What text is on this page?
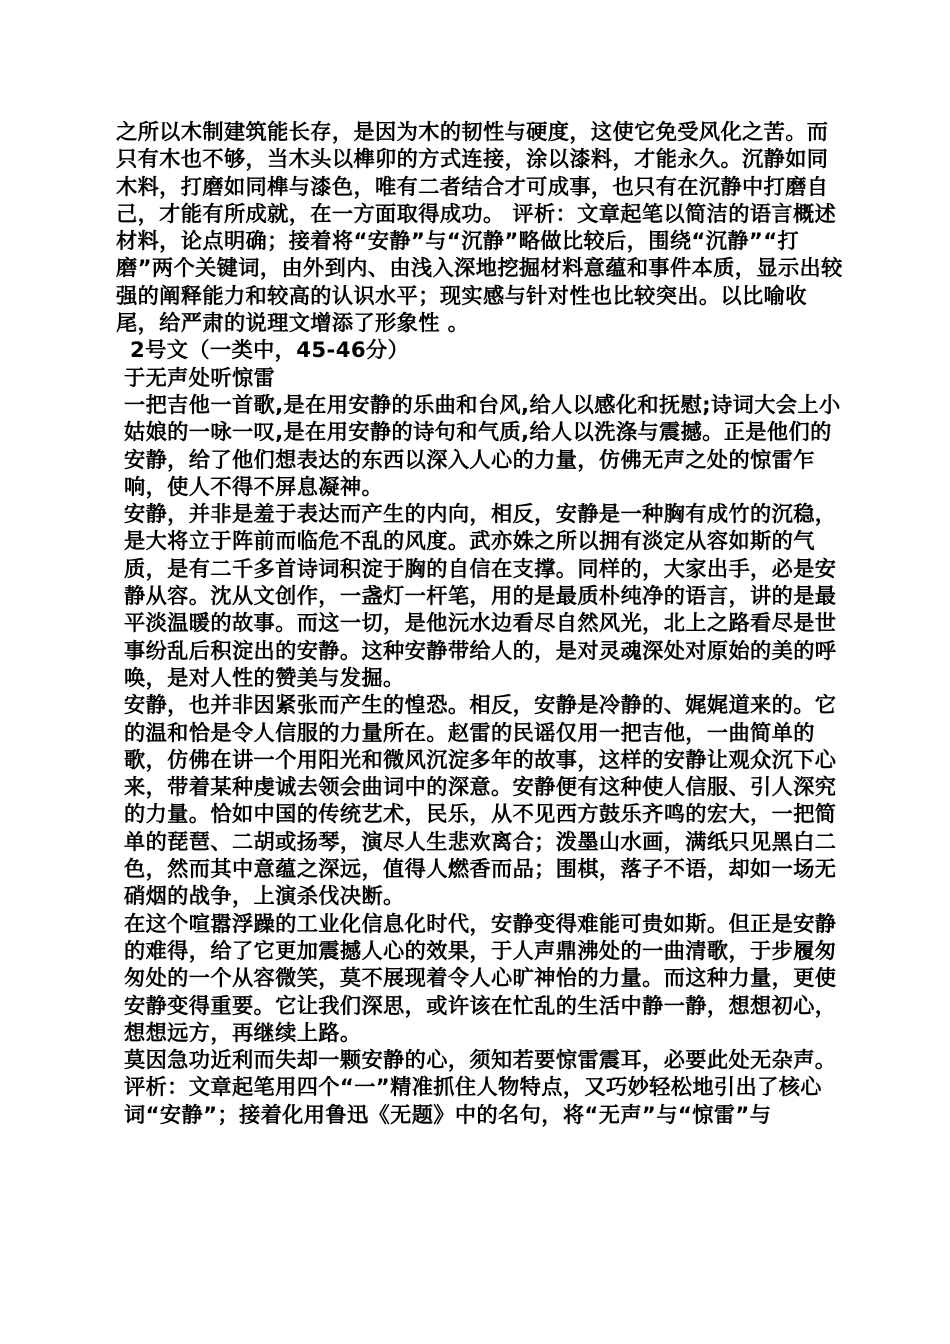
之所以木制建筑能长存，是因为木的韧性与硬度，这使它免受风化之苦。而只有木也不够，当木头以榫卯的方式连接，涂以漆料，才能永久。沉静如同木料，打磨如同榫与漆色，唯有二者结合才可成事，也只有在沉静中打磨自己，才能有所成就，在一方面取得成功。 评析：文章起笔以简洁的语言概述材料，论点明确；接着将“安静”与“沉静”略做比较后，围绕“沉静”“打磨”两个关键词，由外到内、由浅入深地挖掘材料意蕴和事件本质，显示出较强的阐释能力和较高的认识水平；现实感与针对性也比较突出。以比喻收尾，给严肃的说理文增添了形象性 。

2号文（一类中，45-46分）

于无声处听惊雷

一把吉他一首歌,是在用安静的乐曲和台风,给人以感化和抚慰;诗词大会上小姑娘的一咏一叹,是在用安静的诗句和气质,给人以洗涤与震撼。正是他们的安静，给了他们想表达的东西以深入人心的力量，仿佛无声之处的惊雷乍响，使人不得不屏息凝神。

安静，并非是羞于表达而产生的内向，相反，安静是一种胸有成竹的沉稳，是大将立于阵前而临危不乱的风度。武亦姝之所以拥有淡定从容如斯的气质，是有二千多首诗词积淀于胸的自信在支撑。同样的，大家出手，必是安静从容。沈从文创作，一盏灯一杆笔，用的是最质朴纯净的语言，讲的是最平淡温暖的故事。而这一切，是他沅水边看尽自然风光，北上之路看尽是世事纷乱后积淀出的安静。这种安静带给人的，是对灵魂深处对原始的美的呼唤，是对人性的赞美与发掘。

安静，也并非因紧张而产生的惶恐。相反，安静是冷静的、娓娓道来的。它的温和恰是令人信服的力量所在。赵雷的民谣仅用一把吉他，一曲简单的歌，仿佛在讲一个用阳光和微风沉淀多年的故事，这样的安静让观众沉下心来，带着某种虔诚去领会曲词中的深意。安静便有这种使人信服、引人深究的力量。恰如中国的传统艺术，民乐，从不见西方鼓乐齐鸣的宏大，一把简单的琵琶、二胡或扬琴，演尽人生悲欢离合；泼墨山水画，满纸只见黑白二色，然而其中意蕴之深远，值得人燃香而品；围棋，落子不语，却如一场无硝烟的战争，上演杀伐决断。

在这个喧嚣浮躁的工业化信息化时代，安静变得难能可贵如斯。但正是安静的难得，给了它更加震撼人心的效果，于人声鼎沸处的一曲清歌，于步履匆匆处的一个从容微笑，莫不展现着令人心旷神怡的力量。而这种力量，更使安静变得重要。它让我们深思，或许该在忙乱的生活中静一静，想想初心，想想远方，再继续上路。

莫因急功近利而失却一颗安静的心，须知若要惊雷震耳，必要此处无杂声。

评析：文章起笔用四个“一”精准抓住人物特点，又巧妙轻松地引出了核心词“安静”；接着化用鲁迅《无题》中的名句，将“无声”与“惊雷”与
